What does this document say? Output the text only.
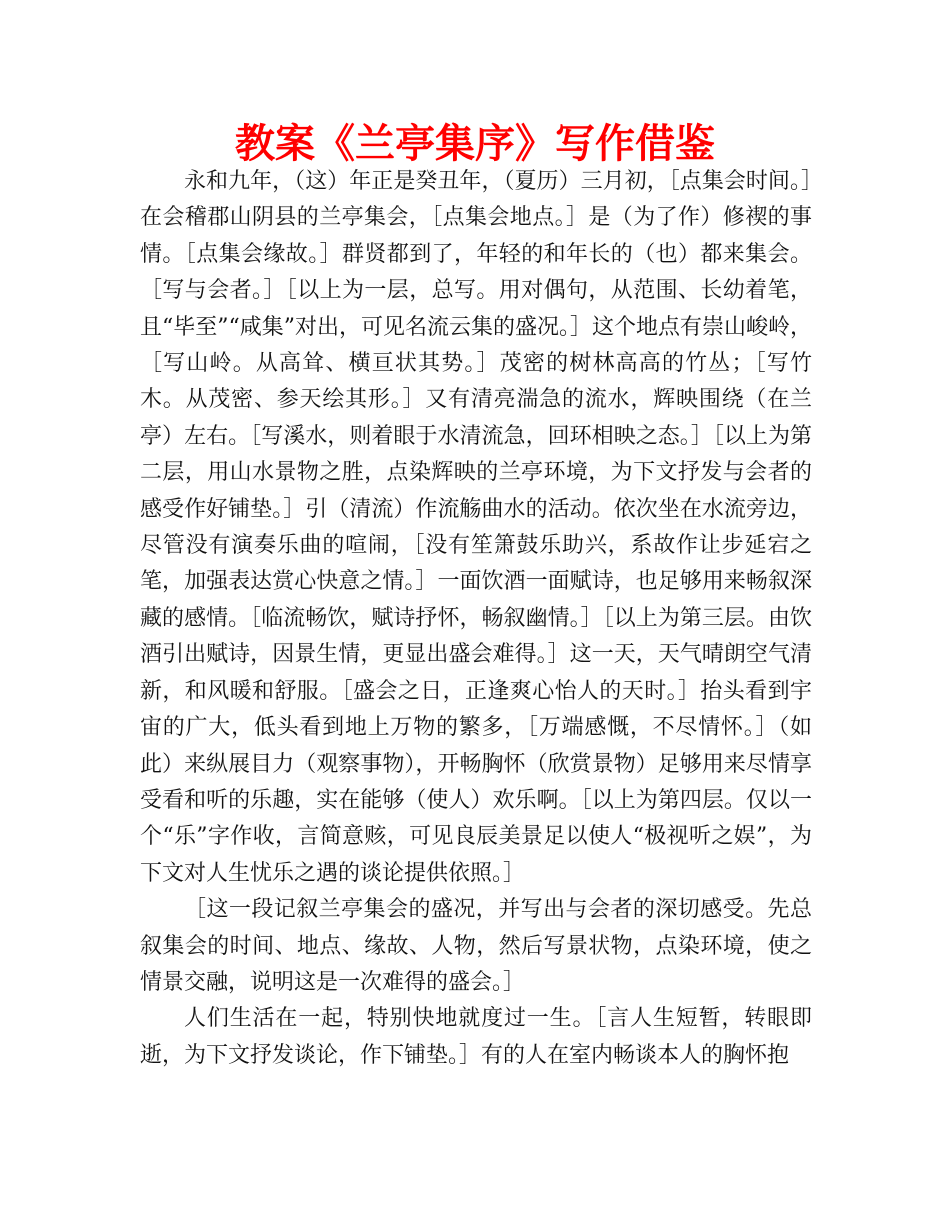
教案《兰亭集序》写作借鉴

永和九年，（这）年正是癸丑年，（夏历）三月初，［点集会时间。］在会稽郡山阴县的兰亭集会，［点集会地点。］是（为了作）修禊的事情。［点集会缘故。］群贤都到了，年轻的和年长的（也）都来集会。［写与会者。］［以上为一层，总写。用对偶句，从范围、长幼着笔，且“毕至”“咸集”对出，可见名流云集的盛况。］这个地点有崇山峻岭，［写山岭。从高耸、横亘状其势。］茂密的树林高高的竹丛；［写竹木。从茂密、参天绘其形。］又有清亮湍急的流水，辉映围绕（在兰亭）左右。［写溪水，则着眼于水清流急，回环相映之态。］［以上为第二层，用山水景物之胜，点染辉映的兰亭环境，为下文抒发与会者的感受作好铺垫。］引（清流）作流觞曲水的活动。依次坐在水流旁边，尽管没有演奏乐曲的喧闹，［没有笙箫鼓乐助兴，系故作让步延宕之笔，加强表达赏心快意之情。］一面饮酒一面赋诗，也足够用来畅叙深藏的感情。［临流畅饮，赋诗抒怀，畅叙幽情。］［以上为第三层。由饮酒引出赋诗，因景生情，更显出盛会难得。］这一天，天气晴朗空气清新，和风暖和舒服。［盛会之日，正逢爽心怡人的天时。］抬头看到宇宙的广大，低头看到地上万物的繁多，［万端感慨，不尽情怀。］（如此）来纵展目力（观察事物），开畅胸怀（欣赏景物）足够用来尽情享受看和听的乐趣，实在能够（使人）欢乐啊。［以上为第四层。仅以一个“乐”字作收，言简意赅，可见良辰美景足以使人“极视听之娱”，为下文对人生忧乐之遇的谈论提供依照。］

［这一段记叙兰亭集会的盛况，并写出与会者的深切感受。先总叙集会的时间、地点、缘故、人物，然后写景状物，点染环境，使之情景交融，说明这是一次难得的盛会。］

人们生活在一起，特别快地就度过一生。［言人生短暂，转眼即逝，为下文抒发谈论，作下铺垫。］有的人在室内畅谈本人的胸怀抱
